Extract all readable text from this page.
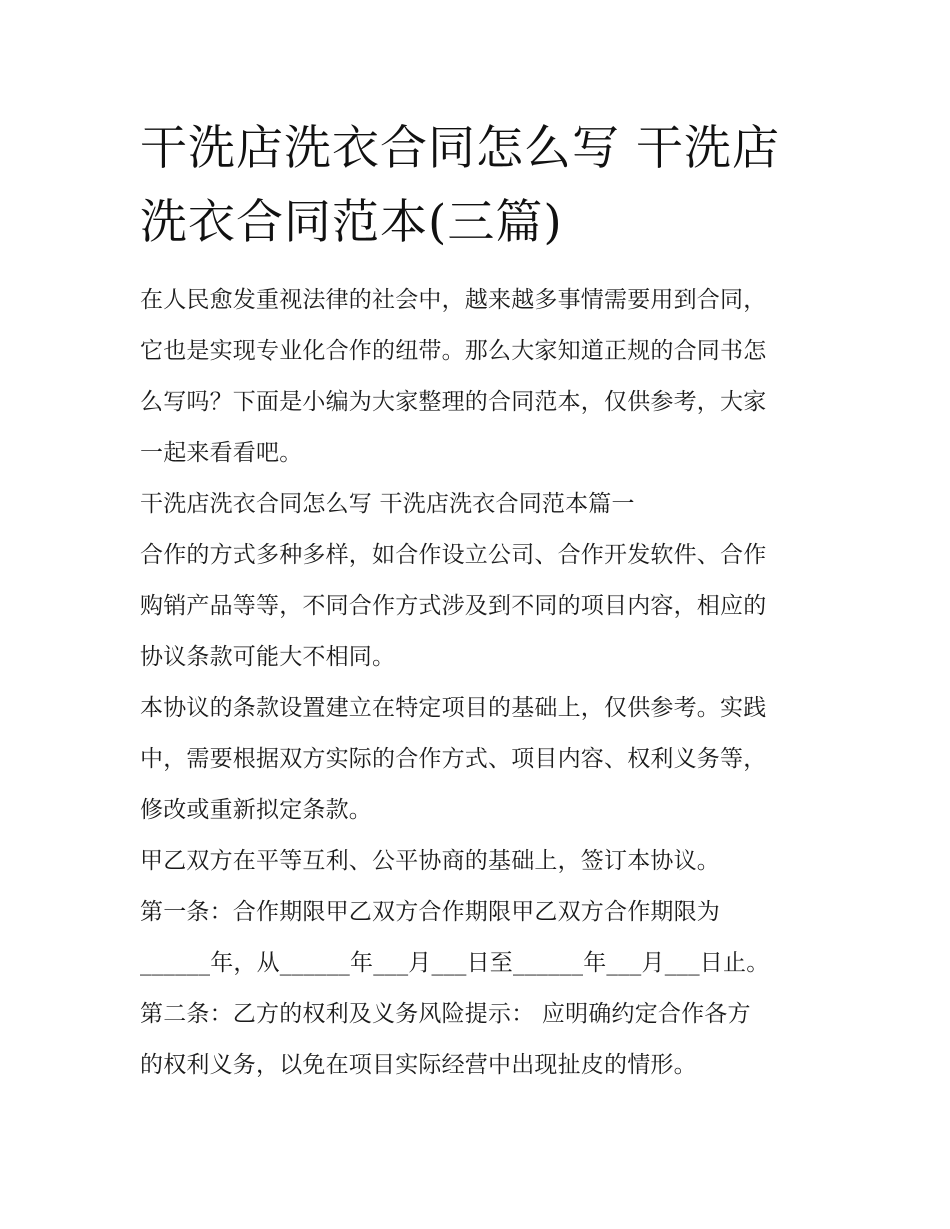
干洗店洗衣合同怎么写 干洗店
洗衣合同范本(三篇)
在人民愈发重视法律的社会中，越来越多事情需要用到合同，
它也是实现专业化合作的纽带。那么大家知道正规的合同书怎
么写吗？下面是小编为大家整理的合同范本，仅供参考，大家
一起来看看吧。
干洗店洗衣合同怎么写 干洗店洗衣合同范本篇一
合作的方式多种多样，如合作设立公司、合作开发软件、合作
购销产品等等，不同合作方式涉及到不同的项目内容，相应的
协议条款可能大不相同。
本协议的条款设置建立在特定项目的基础上，仅供参考。实践
中，需要根据双方实际的合作方式、项目内容、权利义务等，
修改或重新拟定条款。
甲乙双方在平等互利、公平协商的基础上，签订本协议。
第一条：合作期限甲乙双方合作期限甲乙双方合作期限为
______年，从______年___月___日至______年___月___日止。
第二条：乙方的权利及义务风险提示： 应明确约定合作各方
的权利义务，以免在项目实际经营中出现扯皮的情形。
